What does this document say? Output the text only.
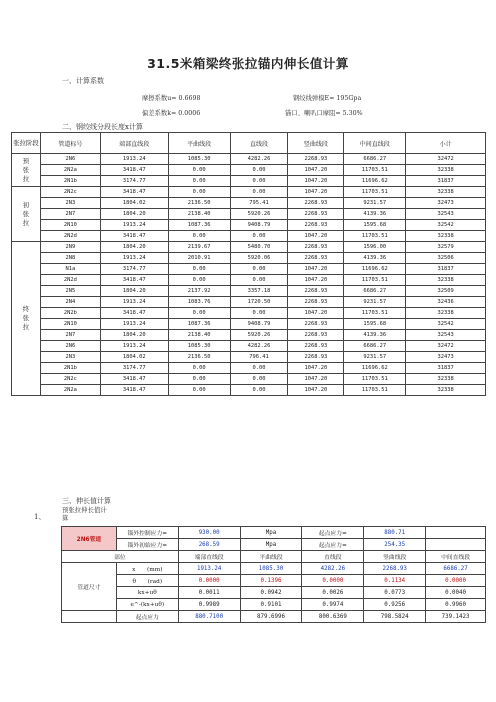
31.5米箱梁终张拉锚内伸长值计算
一、计算系数
摩擦系数u= 0.6698	钢绞线弹模E= 195Gpa
偏差系数k= 0.0006	锚口、喇叭口摩阻= 5.30%
二、钢绞线分段长度x计算
张拉阶段	管道标号	端部直线段	平曲线段	直线段	竖曲线段	中间直线段	小计
预张拉	2N6	1913.24	1085.30	4282.26	2268.93	6686.27	32472
	2N2a	3418.47	0.00	0.00	1047.20	11703.51	32338
	2N1b	3174.77	0.00	0.00	1047.20	11696.62	31837
初张拉	2N2c	3418.47	0.00	0.00	1047.20	11703.51	32338
	2N3	1804.02	2136.50	795.41	2268.93	9231.57	32473
	2N7	1804.20	2138.40	5920.26	2268.93	4139.36	32543
	2N10	1913.24	1087.36	9408.79	2268.93	1595.68	32542
	2N2d	3418.47	0.00	0.00	1047.20	11703.51	32338
终张拉	2N9	1804.20	2139.67	5480.70	2268.93	1596.00	32579
	2N8	1913.24	2010.91	5920.06	2268.93	4139.36	32506
	N1a	3174.77	0.00	0.00	1047.20	11696.62	31837
	2N2d	3418.47	0.00	0.00	1047.20	11703.51	32338
	2N5	1804.20	2137.92	3357.18	2268.93	6686.27	32509
	2N4	1913.24	1083.76	1720.50	2268.93	9231.57	32436
	2N2b	3418.47	0.00	0.00	1047.20	11703.51	32338
	2N10	1913.24	1087.36	9408.79	2268.93	1595.68	32542
	2N7	1804.20	2138.40	5920.26	2268.93	4139.36	32543
	2N6	1913.24	1085.30	4282.26	2268.93	6686.27	32472
	2N3	1804.02	2136.50	796.41	2268.93	9231.57	32473
	2N1b	3174.77	0.00	0.00	1047.20	11696.62	31837
	2N2c	3418.47	0.00	0.00	1047.20	11703.51	32338
	2N2a	3418.47	0.00	0.00	1047.20	11703.51	32338
三、伸长值计算
1、
预张拉伸长值计算
2N6管道	锚外控制应力=	930.00	Mpa	起点应力=	880.71	
	锚外初始应力=	268.59	Mpa	起点应力=	254.35	
部位		端部直线段	平曲线段	直线段	竖曲线段	中间直线段
管道尺寸	x　　(mm)	1913.24	1085.30	4282.26	2268.93	6686.27
	θ　　(rad)	0.0000	0.1396	0.0000	0.1134	0.0000
	kx+uθ	0.0011	0.0942	0.0026	0.0773	0.0040
	e^-(kx+uθ)	0.9989	0.9101	0.9974	0.9256	0.9960
	起点应力	880.7100	879.6996	800.6369	798.5824	739.1423
